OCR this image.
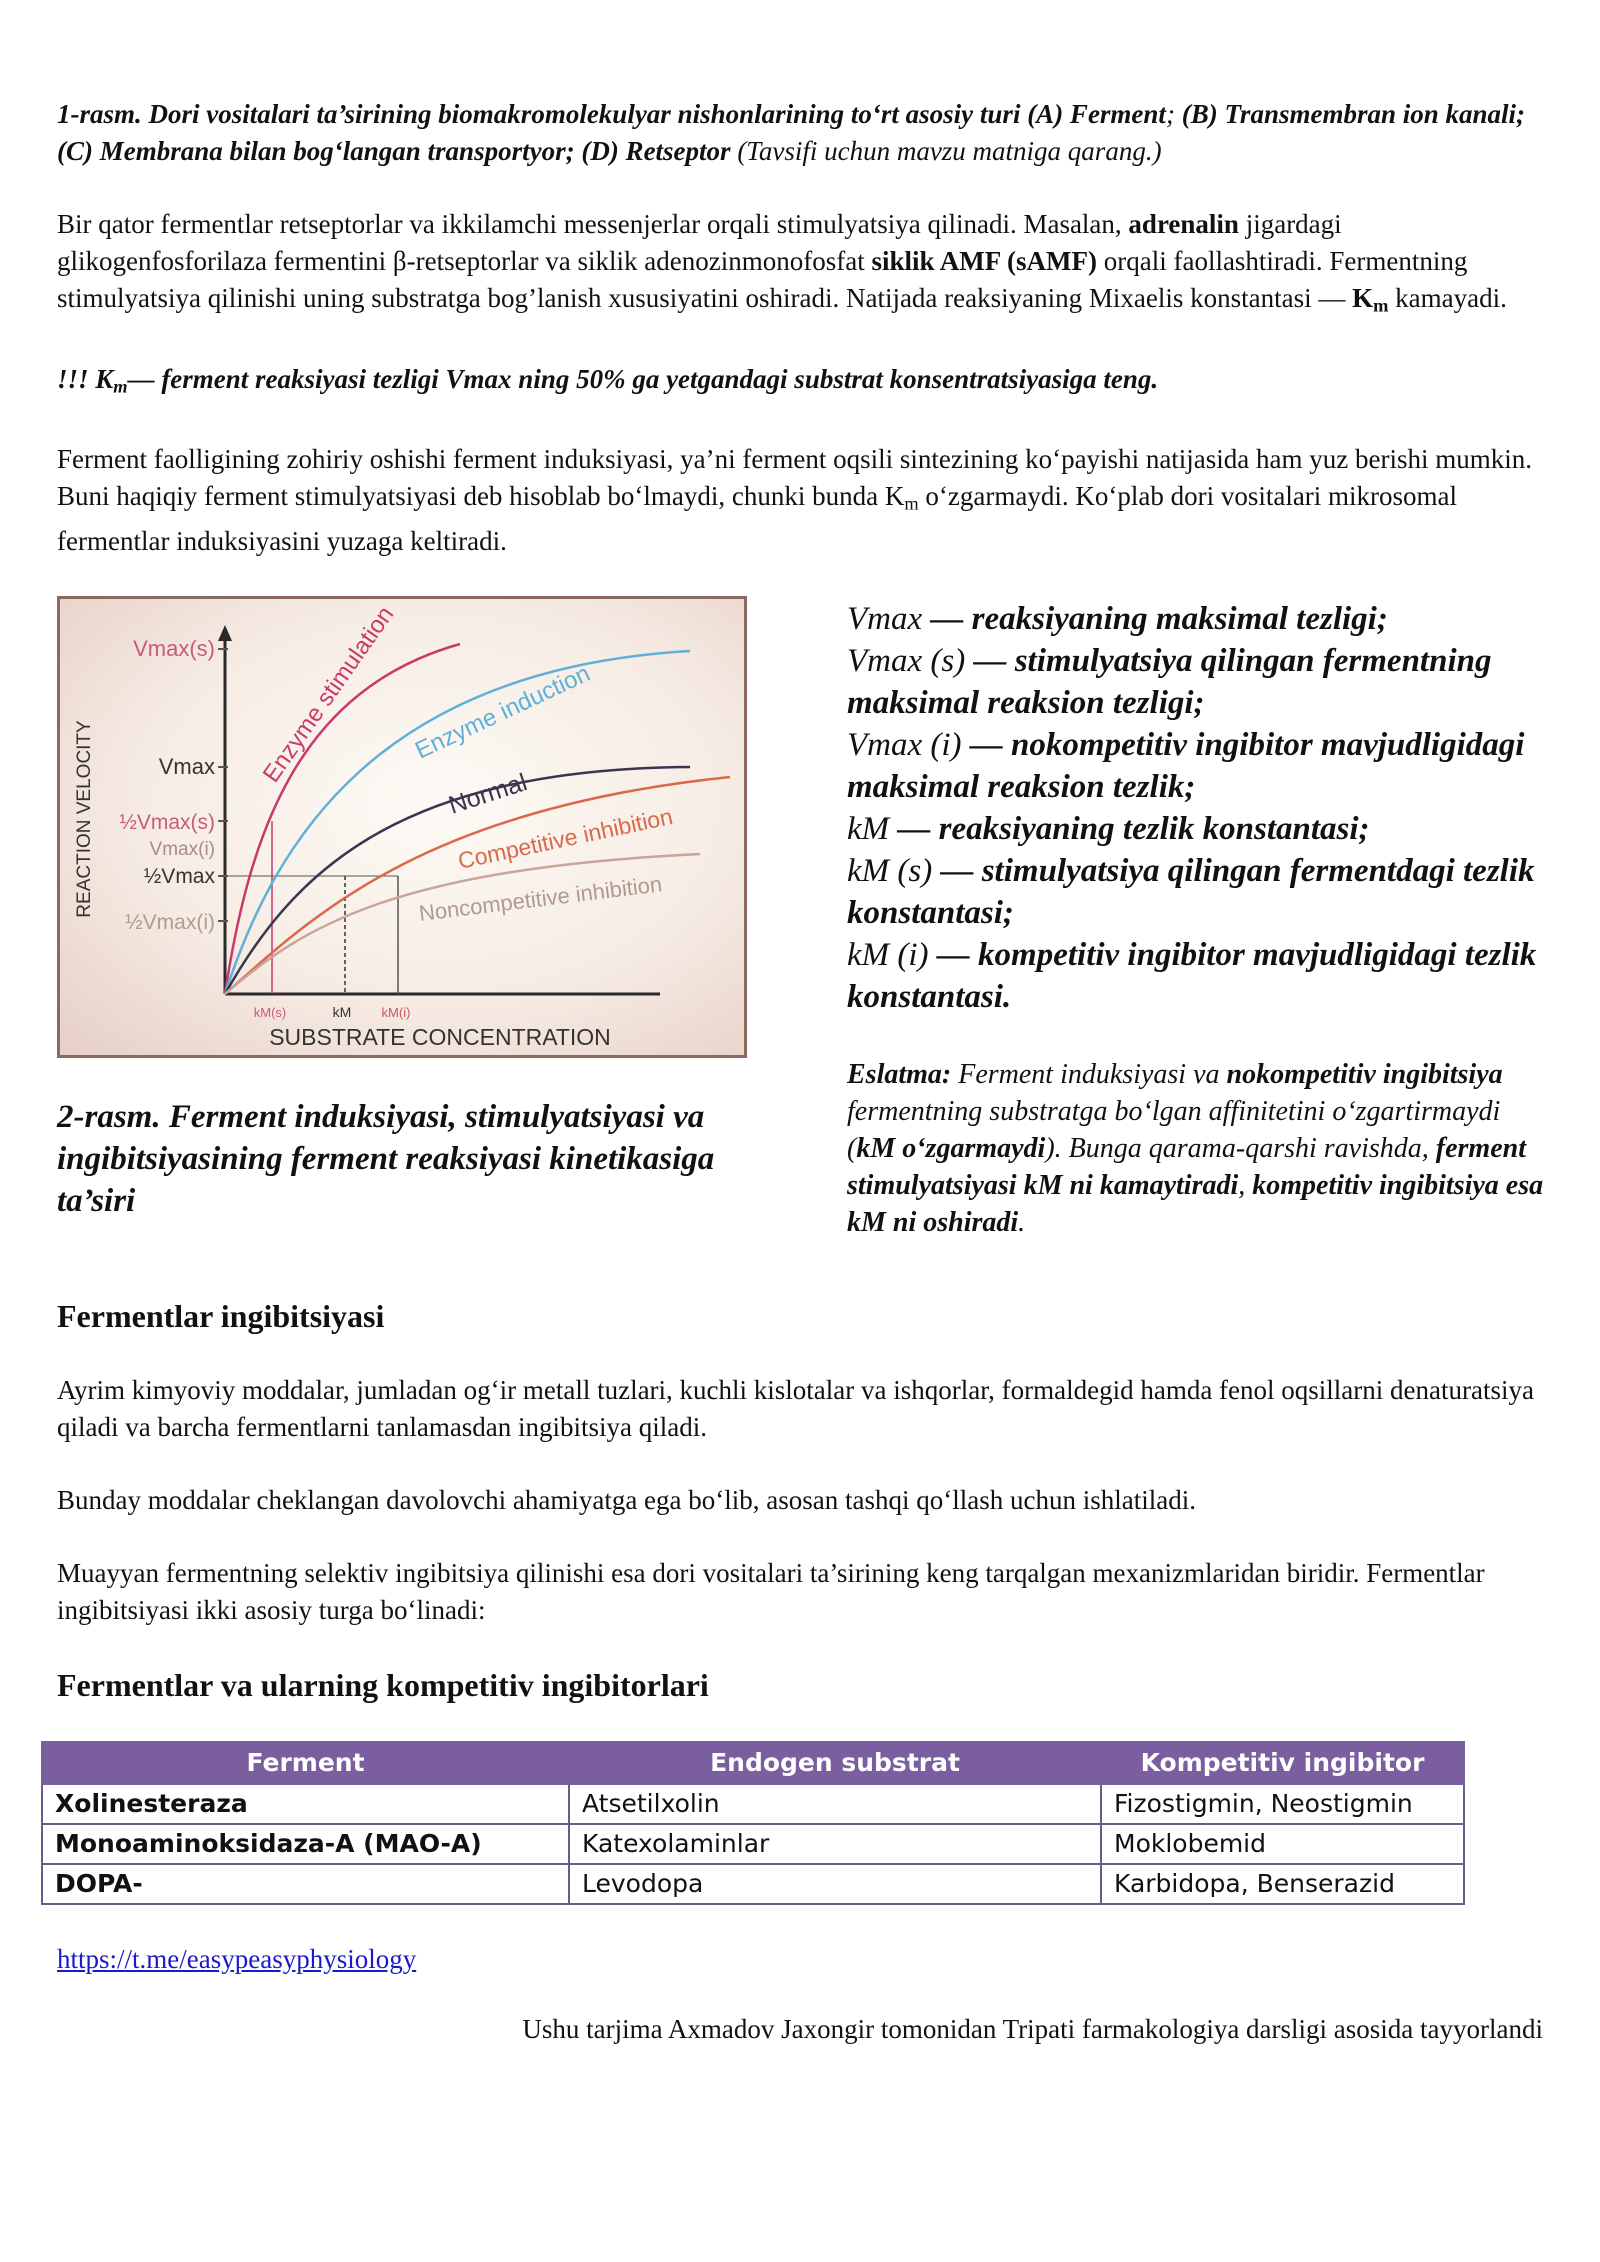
1-rasm. Dori vositalari ta’sirining biomakromolekulyar nishonlarining to‘rt asosiy turi (A) Ferment; (B) Transmembran ion kanali; (C) Membrana bilan bog‘langan transportyor; (D) Retseptor (Tavsifi uchun mavzu matniga qarang.)

Bir qator fermentlar retseptorlar va ikkilamchi messenjerlar orqali stimulyatsiya qilinadi. Masalan, adrenalin jigardagi glikogenfosforilaza fermentini β-retseptorlar va siklik adenozinmonofosfat siklik AMF (sAMF) orqali faollashtiradi. Fermentning stimulyatsiya qilinishi uning substratga bog’lanish xususiyatini oshiradi. Natijada reaksiyaning Mixaelis konstantasi — $K_m$ kamayadi.

!!! $K_m—$ ferment reaksiyasi tezligi Vmax ning 50% ga yetgandagi substrat konsentratsiyasiga teng.

Ferment faolligining zohiriy oshishi ferment induksiyasi, ya’ni ferment oqsili sintezining ko‘payishi natijasida ham yuz berishi mumkin. Buni haqiqiy ferment stimulyatsiyasi deb hisoblab bo‘lmaydi, chunki bunda $K_m$ o‘zgarmaydi. Ko‘plab dori vositalari mikrosomal fermentlar induksiyasini yuzaga keltiradi.

REACTION VELOCITY
SUBSTRATE CONCENTRATION
Vmax(s)
Vmax
½Vmax(s)
Vmax(i)
½Vmax
½Vmax(i)
kM(s)	kM kM(i)
Enzyme stimulation Enzyme induction
Normal
Competitive inhibition
Noncompetitive inhibition
2-rasm. Ferment induksiyasi, stimulyatsiyasi va ingibitsiyasining ferment reaksiyasi kinetikasiga ta’siri
Vmax — reaksiyaning maksimal tezligi;
Vmax (s) — stimulyatsiya qilingan fermentning maksimal reaksion tezligi;
Vmax (i) — nokompetitiv ingibitor mavjudligidagi maksimal reaksion tezlik;
kM — reaksiyaning tezlik konstantasi;
kM (s) — stimulyatsiya qilingan fermentdagi tezlik konstantasi;
kM (i) — kompetitiv ingibitor mavjudligidagi tezlik konstantasi.
Eslatma: Ferment induksiyasi va nokompetitiv ingibitsiya fermentning substratga bo‘lgan affinitetini o‘zgartirmaydi (kM o‘zgarmaydi). Bunga qarama-qarshi ravishda, ferment stimulyatsiyasi kM ni kamaytiradi, kompetitiv ingibitsiya esa kM ni oshiradi.
Fermentlar ingibitsiyasi

Ayrim kimyoviy moddalar, jumladan og‘ir metall tuzlari, kuchli kislotalar va ishqorlar, formaldegid hamda fenol oqsillarni denaturatsiya qiladi va barcha fermentlarni tanlamasdan ingibitsiya qiladi.

Bunday moddalar cheklangan davolovchi ahamiyatga ega bo‘lib, asosan tashqi qo‘llash uchun ishlatiladi.

Muayyan fermentning selektiv ingibitsiya qilinishi esa dori vositalari ta’sirining keng tarqalgan mexanizmlaridan biridir. Fermentlar ingibitsiyasi ikki asosiy turga bo‘linadi:

Fermentlar va ularning kompetitiv ingibitorlari
Ferment	Endogen substrat	Kompetitiv ingibitor
Xolinesteraza	Atsetilxolin	Fizostigmin, Neostigmin
Monoaminoksidaza-A (MAO-A)	Katexolaminlar	Moklobemid
DOPA-	Levodopa	Karbidopa, Benserazid

https://t.me/easypeasyphysiology

Ushu tarjima Axmadov Jaxongir tomonidan Tripati farmakologiya darsligi asosida tayyorlandi
